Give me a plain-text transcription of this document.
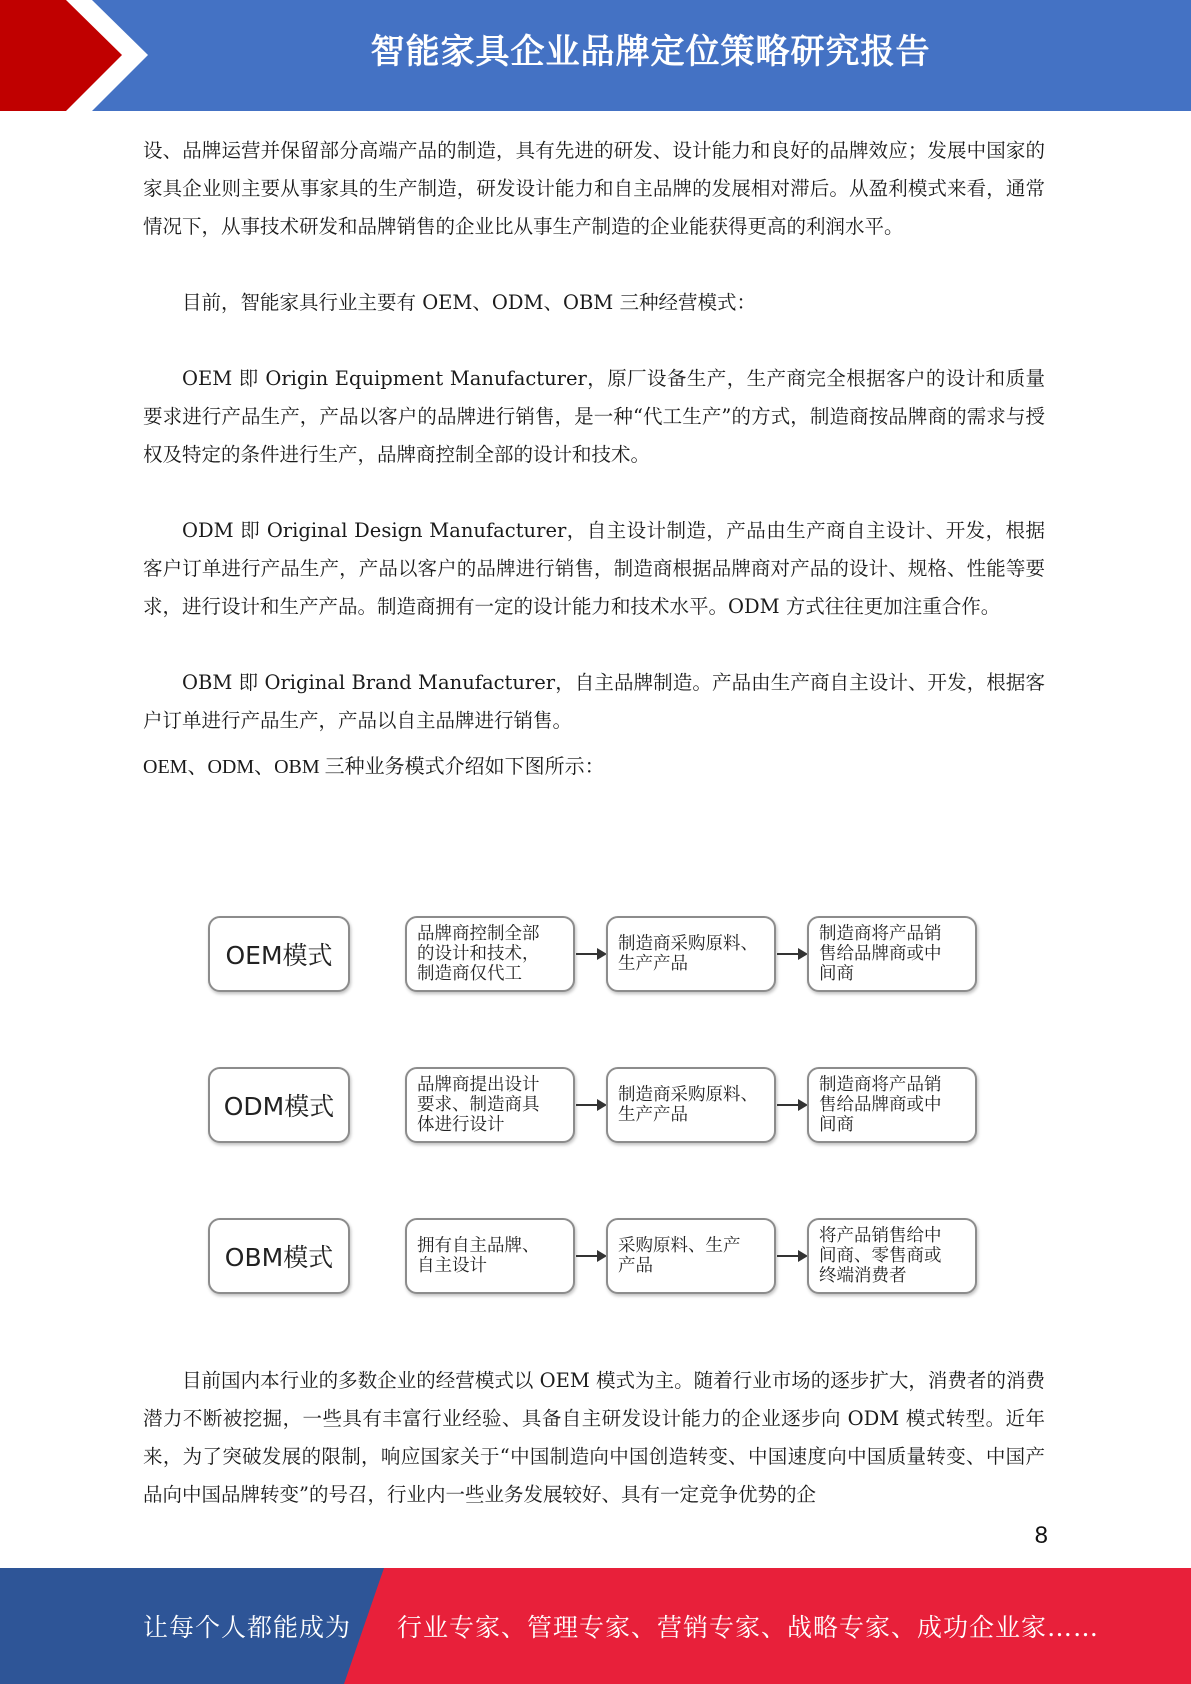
智能家具企业品牌定位策略研究报告

设、品牌运营并保留部分高端产品的制造，具有先进的研发、设计能力和良好的品牌效应；发展中国家的家具企业则主要从事家具的生产制造，研发设计能力和自主品牌的发展相对滞后。从盈利模式来看，通常情况下，从事技术研发和品牌销售的企业比从事生产制造的企业能获得更高的利润水平。

目前，智能家具行业主要有 OEM、ODM、OBM 三种经营模式：

OEM 即 Origin Equipment Manufacturer，原厂设备生产，生产商完全根据客户的设计和质量要求进行产品生产，产品以客户的品牌进行销售，是一种“代工生产”的方式，制造商按品牌商的需求与授权及特定的条件进行生产，品牌商控制全部的设计和技术。

ODM 即 Original Design Manufacturer，自主设计制造，产品由生产商自主设计、开发，根据客户订单进行产品生产，产品以客户的品牌进行销售，制造商根据品牌商对产品的设计、规格、性能等要求，进行设计和生产产品。制造商拥有一定的设计能力和技术水平。ODM 方式往往更加注重合作。

OBM 即 Original Brand Manufacturer，自主品牌制造。产品由生产商自主设计、开发，根据客户订单进行产品生产，产品以自主品牌进行销售。

OEM、ODM、OBM 三种业务模式介绍如下图所示：

OEM模式
品牌商控制全部
的设计和技术，
制造商仅代工
制造商采购原料、
生产产品
制造商将产品销
售给品牌商或中
间商
ODM模式
品牌商提出设计
要求、制造商具
体进行设计
制造商采购原料、
生产产品
制造商将产品销
售给品牌商或中
间商
OBM模式	拥有自主品牌、
自主设计
采购原料、生产
产品
将产品销售给中
间商、零售商或
终端消费者

目前国内本行业的多数企业的经营模式以 OEM 模式为主。随着行业市场的逐步扩大，消费者的消费潜力不断被挖掘，一些具有丰富行业经验、具备自主研发设计能力的企业逐步向 ODM 模式转型。近年来，为了突破发展的限制，响应国家关于“中国制造向中国创造转变、中国速度向中国质量转变、中国产品向中国品牌转变”的号召，行业内一些业务发展较好、具有一定竞争优势的企

8
让每个人都能成为 行业专家、管理专家、营销专家、战略专家、成功企业家……
